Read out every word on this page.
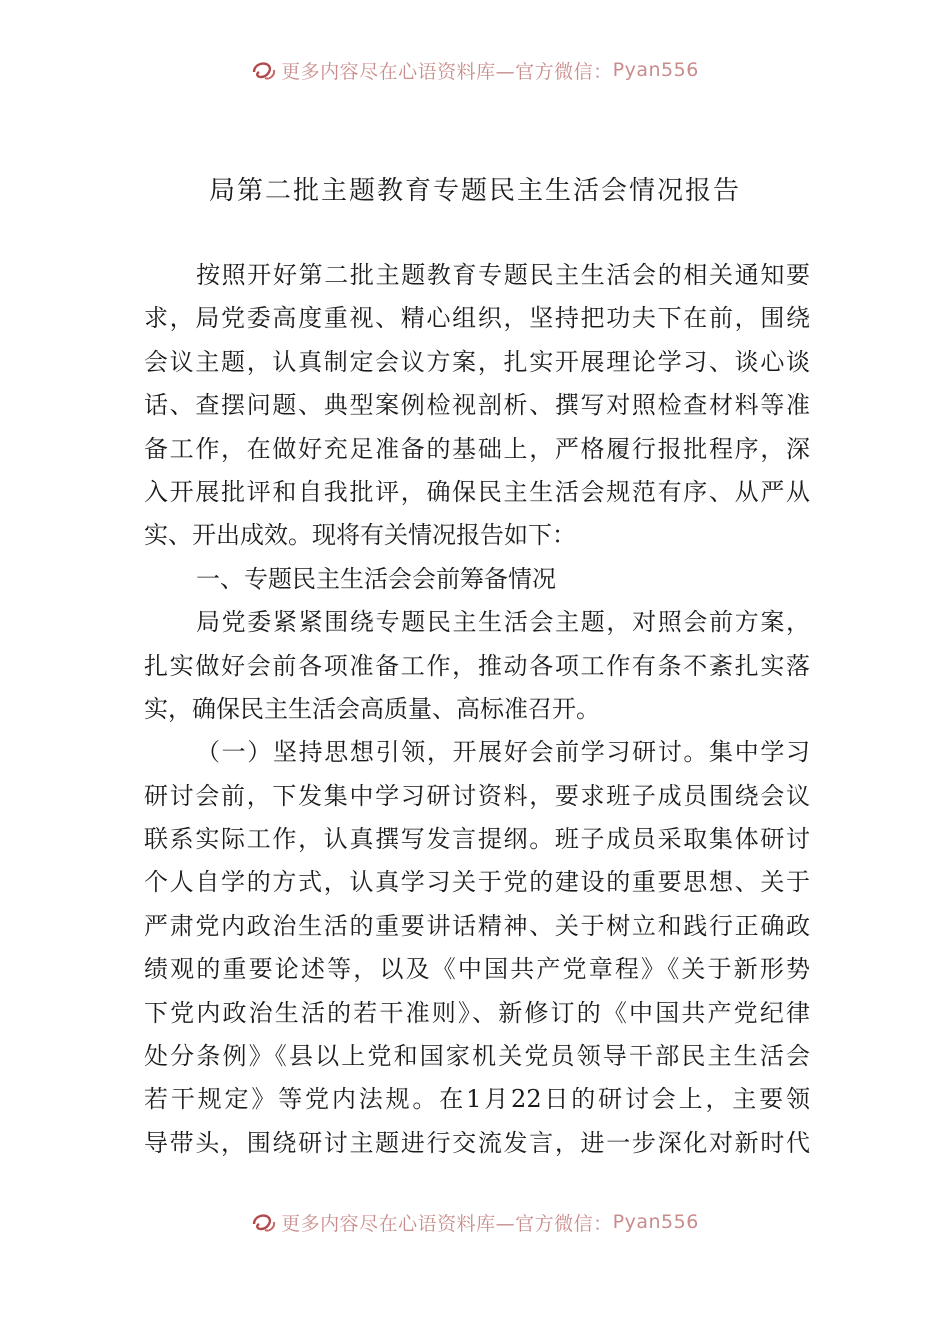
更多内容尽在心语资料库—官方微信： Pyan556
局第二批主题教育专题民主生活会情况报告
按照开好第二批主题教育专题民主生活会的相关通知要
求，局党委高度重视、精心组织，坚持把功夫下在前，围绕
会议主题，认真制定会议方案，扎实开展理论学习、谈心谈
话、查摆问题、典型案例检视剖析、撰写对照检查材料等准
备工作，在做好充足准备的基础上，严格履行报批程序，深
入开展批评和自我批评，确保民主生活会规范有序、从严从
实、开出成效。现将有关情况报告如下：
一、专题民主生活会会前筹备情况
局党委紧紧围绕专题民主生活会主题，对照会前方案，
扎实做好会前各项准备工作，推动各项工作有条不紊扎实落
实，确保民主生活会高质量、高标准召开。
（一）坚持思想引领，开展好会前学习研讨。集中学习
研讨会前，下发集中学习研讨资料，要求班子成员围绕会议
联系实际工作，认真撰写发言提纲。班子成员采取集体研讨
个人自学的方式，认真学习关于党的建设的重要思想、关于
严肃党内政治生活的重要讲话精神、关于树立和践行正确政
绩观的重要论述等，以及《中国共产党章程》《关于新形势
下党内政治生活的若干准则》、新修订的《中国共产党纪律
处分条例》《县以上党和国家机关党员领导干部民主生活会
若干规定》等党内法规。在1月22日的研讨会上，主要领
导带头，围绕研讨主题进行交流发言，进一步深化对新时代
更多内容尽在心语资料库—官方微信： Pyan556
